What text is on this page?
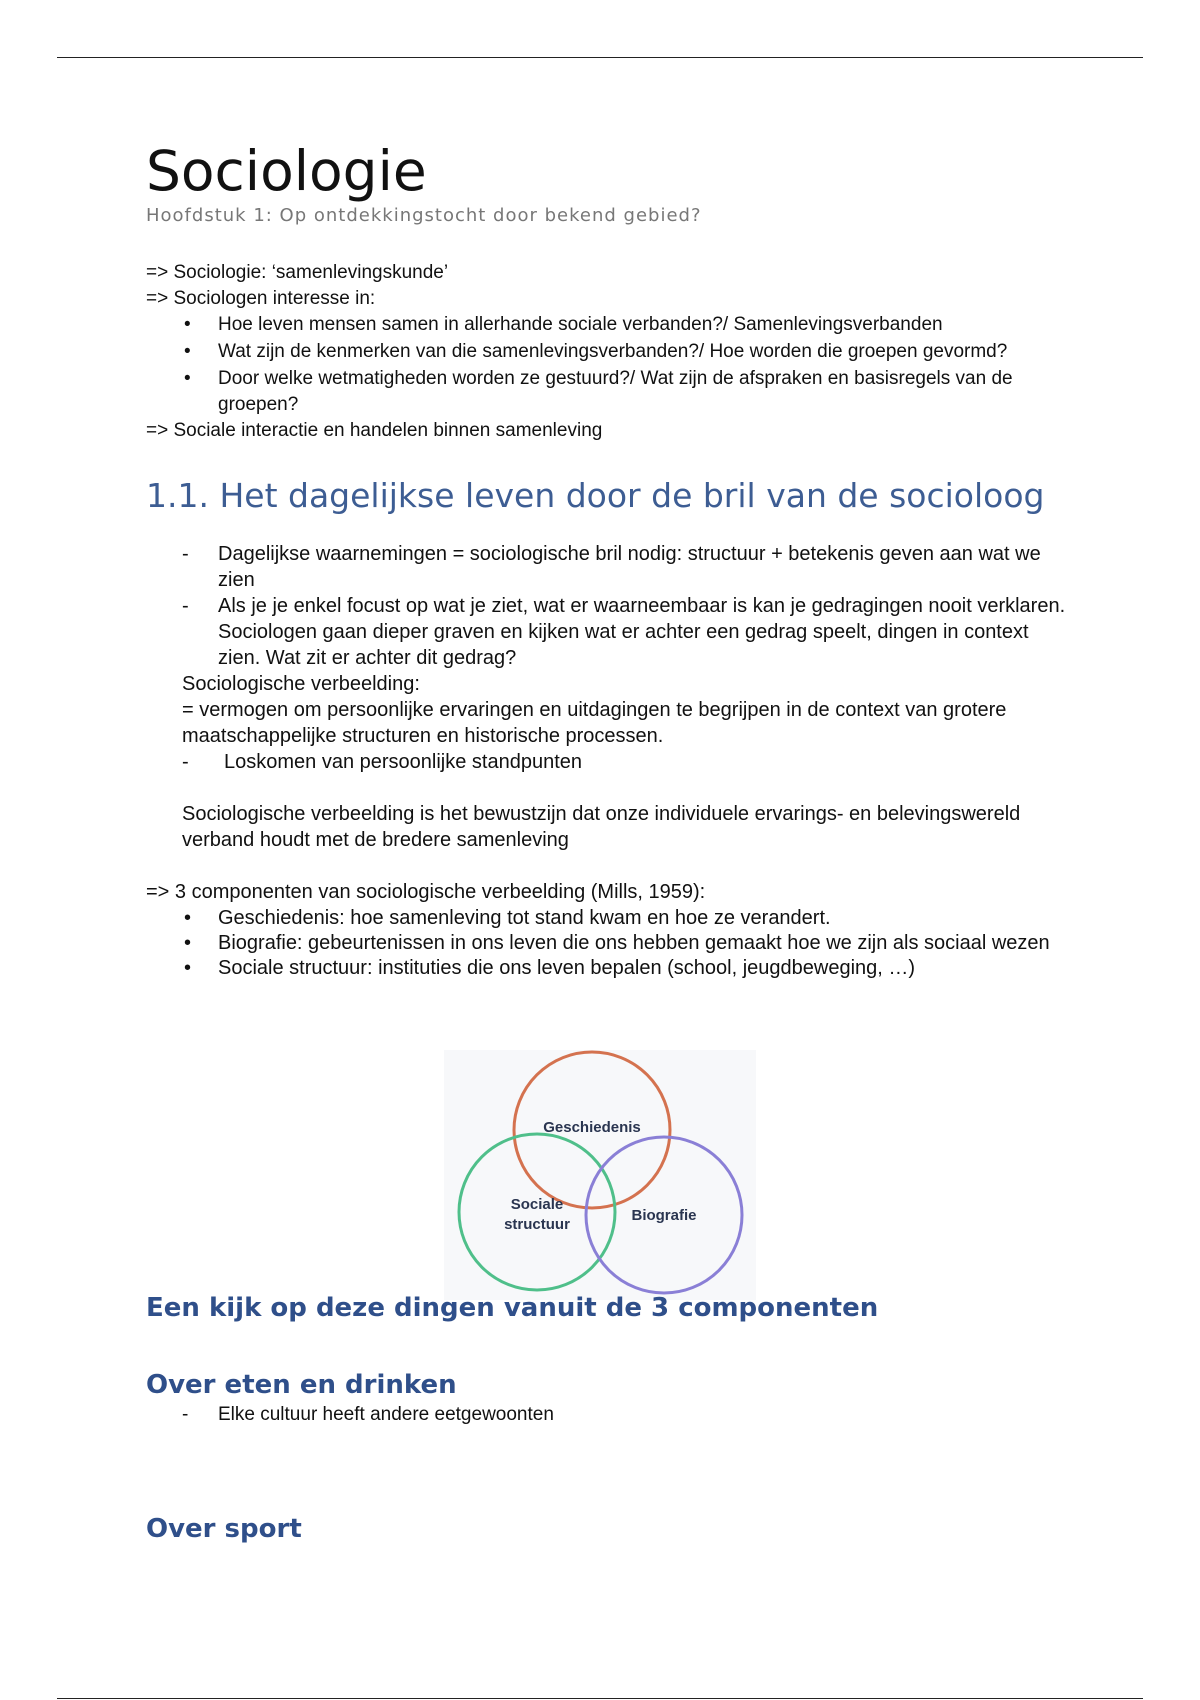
Sociologie
Hoofdstuk 1: Op ontdekkingstocht door bekend gebied?
=> Sociologie: ‘samenlevingskunde’
=> Sociologen interesse in:
• Hoe leven mensen samen in allerhande sociale verbanden?/ Samenlevingsverbanden
• Wat zijn de kenmerken van die samenlevingsverbanden?/ Hoe worden die groepen gevormd?
• Door welke wetmatigheden worden ze gestuurd?/ Wat zijn de afspraken en basisregels van de groepen?
=> Sociale interactie en handelen binnen samenleving
1.1. Het dagelijkse leven door de bril van de socioloog
- Dagelijkse waarnemingen = sociologische bril nodig: structuur + betekenis geven aan wat we zien
- Als je je enkel focust op wat je ziet, wat er waarneembaar is kan je gedragingen nooit verklaren. Sociologen gaan dieper graven en kijken wat er achter een gedrag speelt, dingen in context zien. Wat zit er achter dit gedrag?
Sociologische verbeelding:
= vermogen om persoonlijke ervaringen en uitdagingen te begrijpen in de context van grotere maatschappelijke structuren en historische processen.
- Loskomen van persoonlijke standpunten
Sociologische verbeelding is het bewustzijn dat onze individuele ervarings- en belevingswereld verband houdt met de bredere samenleving
=> 3 componenten van sociologische verbeelding (Mills, 1959):
• Geschiedenis: hoe samenleving tot stand kwam en hoe ze verandert.
• Biografie: gebeurtenissen in ons leven die ons hebben gemaakt hoe we zijn als sociaal wezen
• Sociale structuur: instituties die ons leven bepalen (school, jeugdbeweging, …)
Geschiedenis
Sociale
structuur
Biografie
Een kijk op deze dingen vanuit de 3 componenten
Over eten en drinken
- Elke cultuur heeft andere eetgewoonten
Over sport
